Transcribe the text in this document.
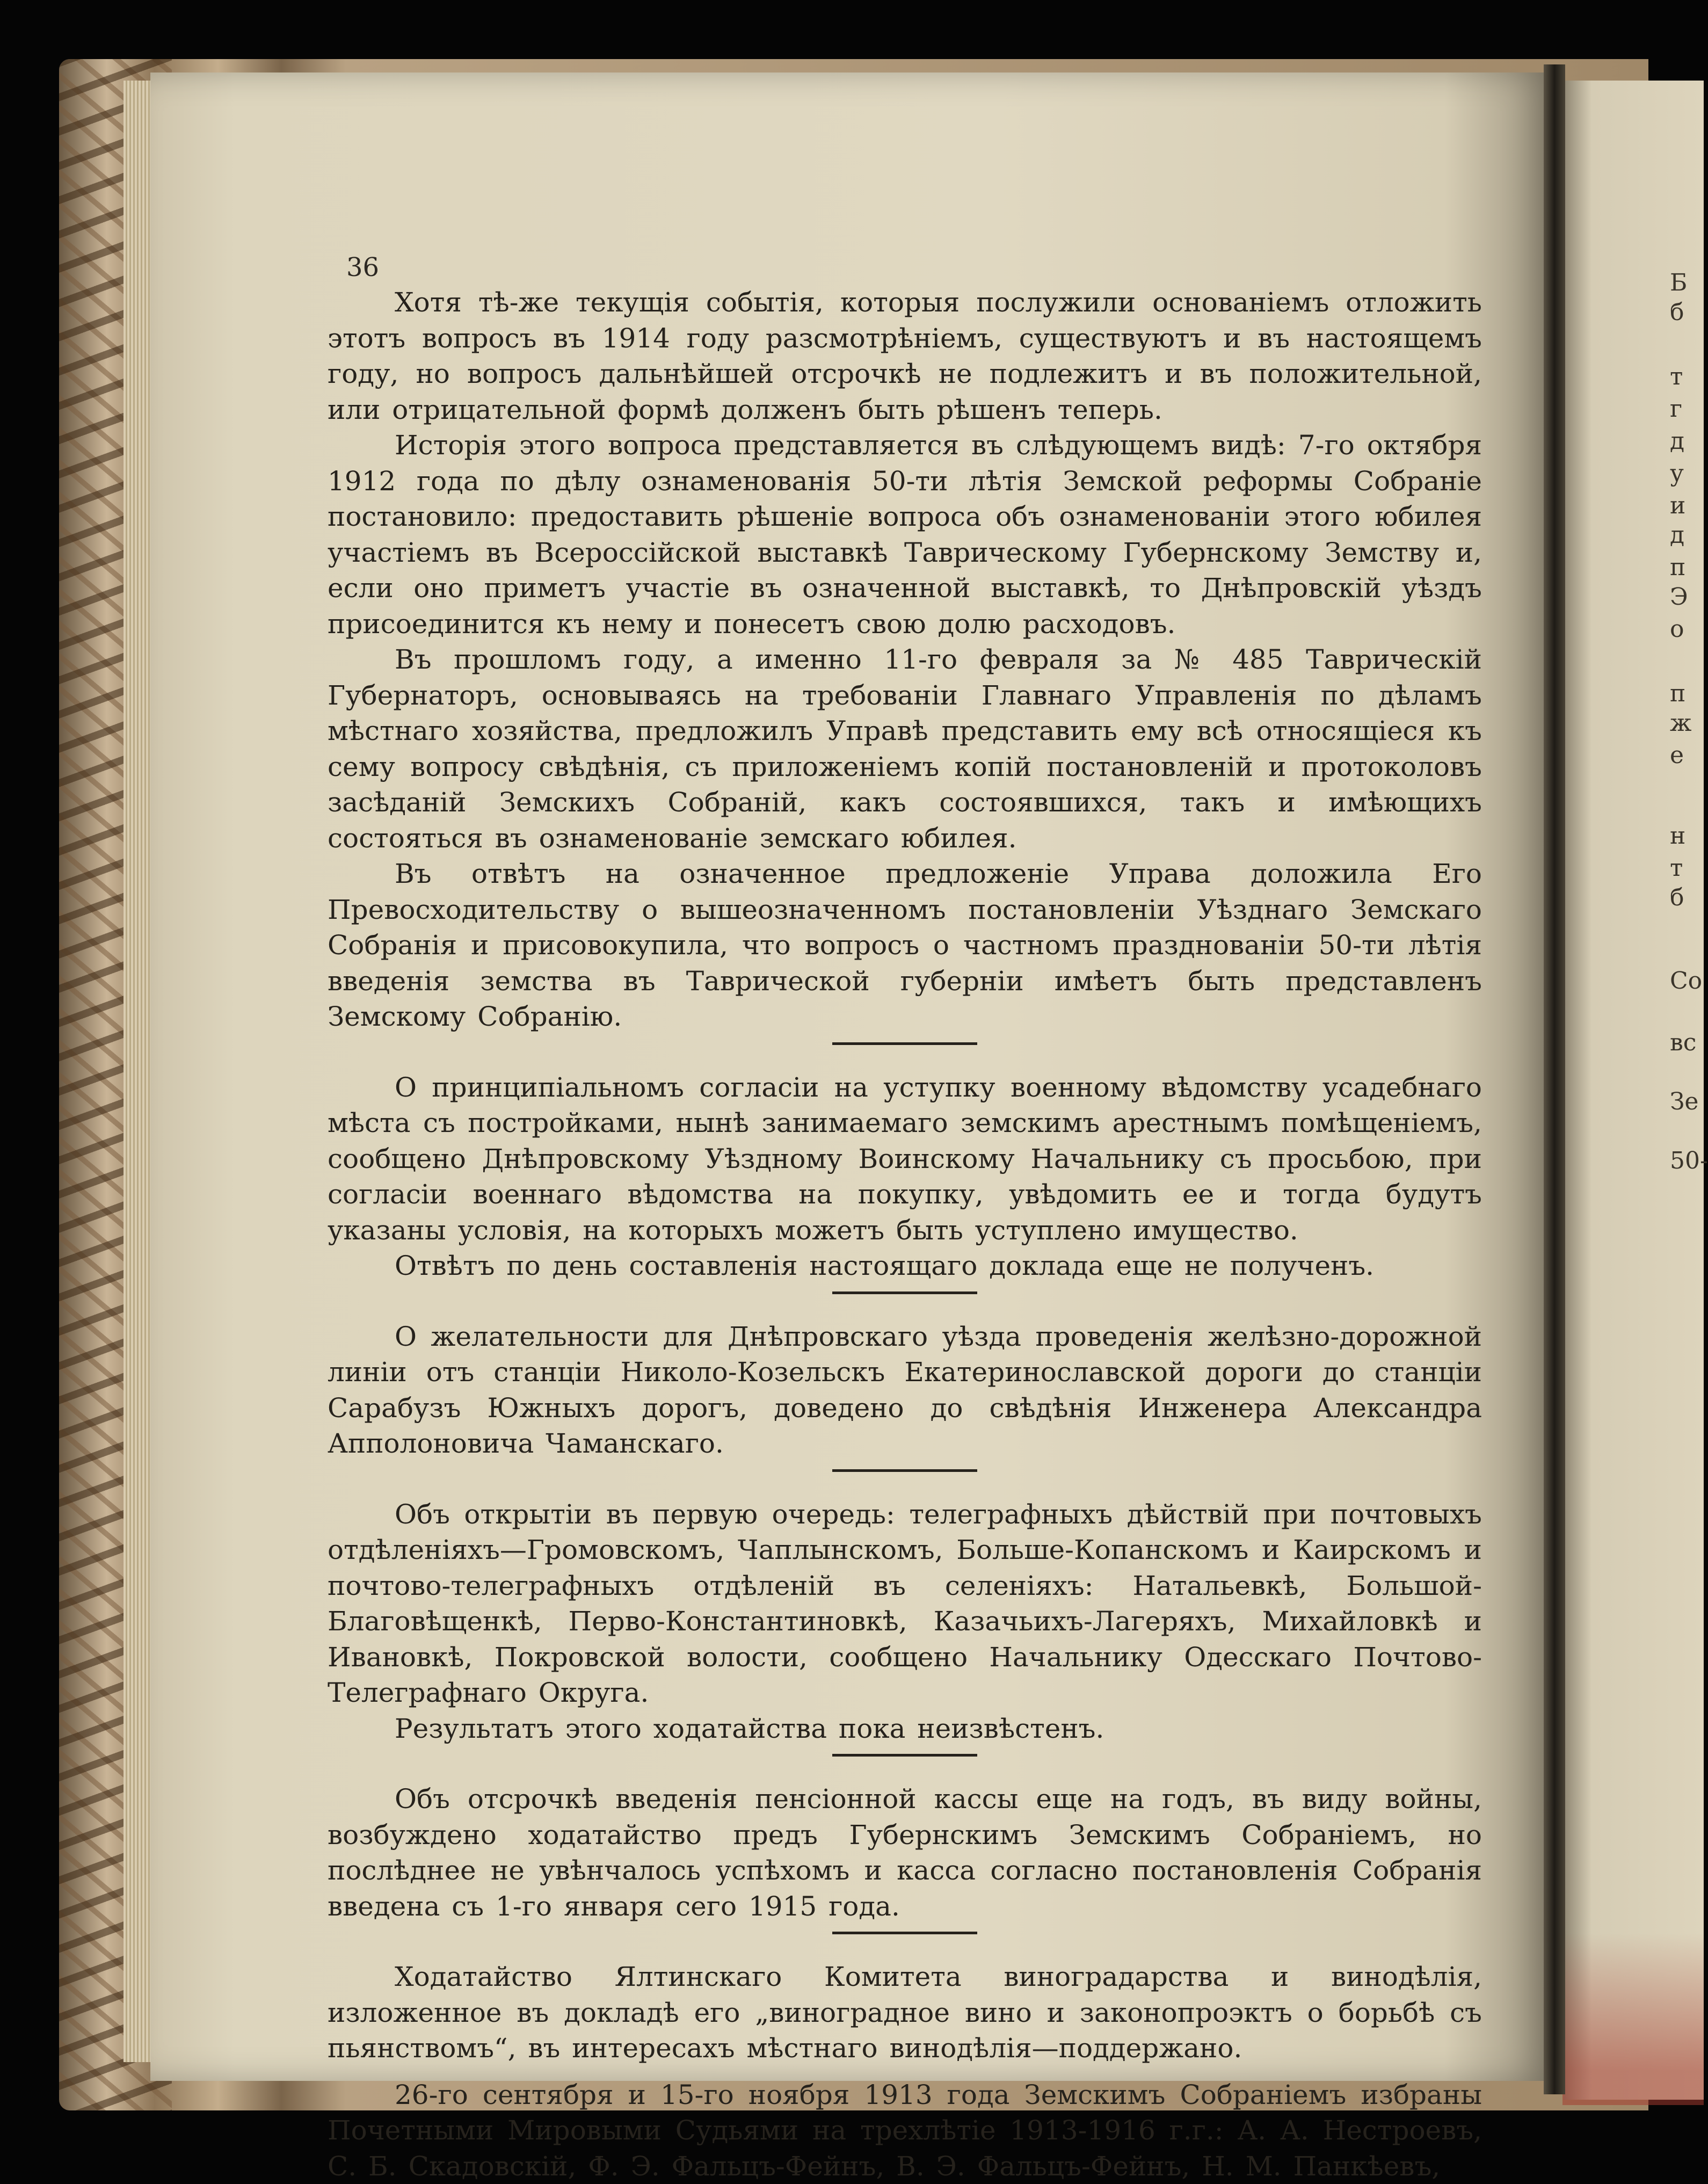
Б
б
т
г
д
у
и
д
п
Э
о
п
ж
е
н
т
б
Со
вс
Зе
50-
36

Хотя тѣ-же текущія событія, которыя послужили основаніемъ отложить этотъ вопросъ въ 1914 году разсмотрѣніемъ, существуютъ и въ настоящемъ году, но вопросъ дальнѣйшей отсрочкѣ не подлежитъ и въ положительной, или отрицательной формѣ долженъ быть рѣшенъ теперь.

Исторія этого вопроса представляется въ слѣдующемъ видѣ: 7-го октября 1912 года по дѣлу ознаменованія 50-ти лѣтія Земской реформы Собраніе постановило: предоставить рѣшеніе вопроса объ ознаменованіи этого юбилея участіемъ въ Всероссійской выставкѣ Таврическому Губернскому Земству и, если оно приметъ участіе въ означенной выставкѣ, то Днѣпровскій уѣздъ присоединится къ нему и понесетъ свою долю расходовъ.

Въ прошломъ году, а именно 11-го февраля за № 485 Таврическій Губернаторъ, основываясь на требованіи Главнаго Управленія по дѣламъ мѣстнаго хозяйства, предложилъ Управѣ представить ему всѣ относящіеся къ сему вопросу свѣдѣнія, съ приложеніемъ копій постановленій и протоколовъ засѣданій Земскихъ Собраній, какъ состоявшихся, такъ и имѣющихъ состояться въ ознаменованіе земскаго юбилея.

Въ отвѣтъ на означенное предложеніе Управа доложила Его Превосходительству о вышеозначенномъ постановленіи Уѣзднаго Земскаго Собранія и присовокупила, что вопросъ о частномъ празднованіи 50-ти лѣтія введенія земства въ Таврической губерніи имѣетъ быть представленъ Земскому Собранію.

О принципіальномъ согласіи на уступку военному вѣдомству усадебнаго мѣста съ постройками, нынѣ занимаемаго земскимъ арестнымъ помѣщеніемъ, сообщено Днѣпровскому Уѣздному Воинскому Начальнику съ просьбою, при согласіи военнаго вѣдомства на покупку, увѣдомить ее и тогда будутъ указаны условія, на которыхъ можетъ быть уступлено имущество.

Отвѣтъ по день составленія настоящаго доклада еще не полученъ.

О желательности для Днѣпровскаго уѣзда проведенія желѣзно-дорожной линіи отъ станціи Николо-Козельскъ Екатеринославской дороги до станціи Сарабузъ Южныхъ дорогъ, доведено до свѣдѣнія Инженера Александра Апполоновича Чаманскаго.

Объ открытіи въ первую очередь: телеграфныхъ дѣйствій при почтовыхъ отдѣленіяхъ—Громовскомъ, Чаплынскомъ, Больше-Копанскомъ и Каирскомъ и почтово-телеграфныхъ отдѣленій въ селеніяхъ: Натальевкѣ, Большой-Благовѣщенкѣ, Перво-Константиновкѣ, Казачьихъ-Лагеряхъ, Михайловкѣ и Ивановкѣ, Покровской волости, сообщено Начальнику Одесскаго Почтово-Телеграфнаго Округа.

Результатъ этого ходатайства пока неизвѣстенъ.

Объ отсрочкѣ введенія пенсіонной кассы еще на годъ, въ виду войны, возбуждено ходатайство предъ Губернскимъ Земскимъ Собраніемъ, но послѣднее не увѣнчалось успѣхомъ и касса согласно постановленія Собранія введена съ 1-го января сего 1915 года.

Ходатайство Ялтинскаго Комитета виноградарства и винодѣлія, изложенное въ докладѣ его „виноградное вино и законопроэктъ о борьбѣ съ пьянствомъ“, въ интересахъ мѣстнаго винодѣлія—поддержано.

26-го сентября и 15-го ноября 1913 года Земскимъ Собраніемъ избраны Почетными Мировыми Судьями на трехлѣтіе 1913-1916 г.г.: А. А. Нестроевъ, С. Б. Скадовскій, Ф. Э. Фальцъ-Фейнъ, В. Э. Фальцъ-Фейнъ, Н. М. Панкѣевъ,
